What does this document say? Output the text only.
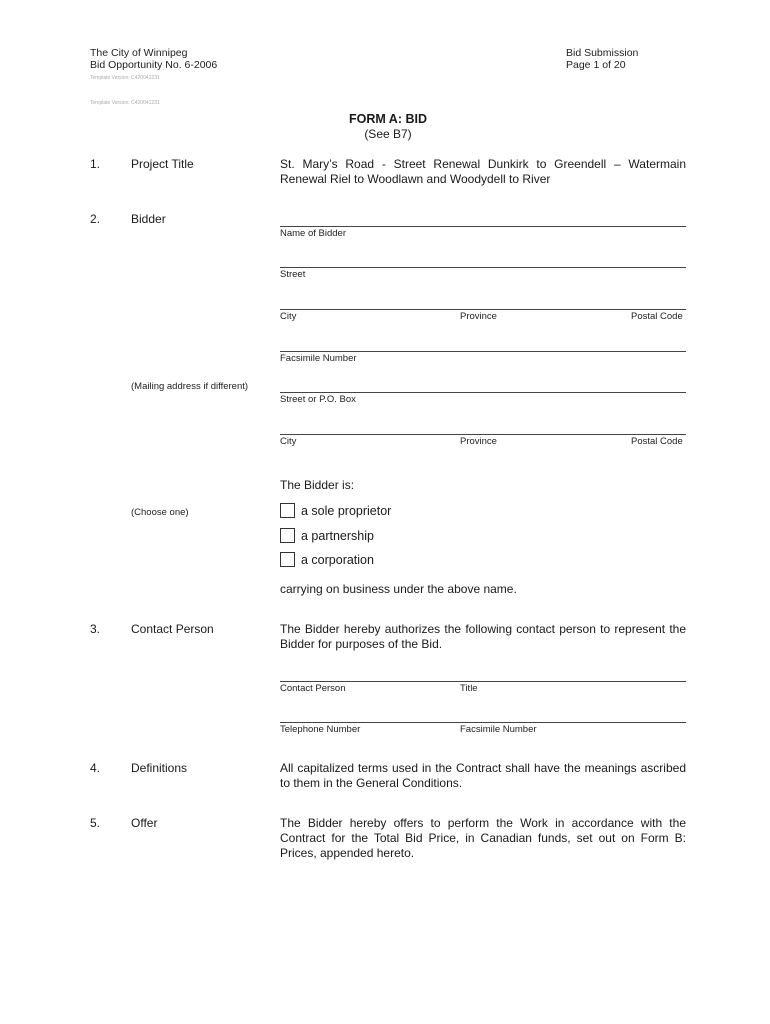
The City of Winnipeg
Bid Opportunity No. 6-2006
Template Version: C420041231
Bid Submission
Page 1 of 20
Template Version: C420041231
FORM A: BID
(See B7)
1.	Project Title	St. Mary’s Road - Street Renewal Dunkirk to Greendell – Watermain Renewal Riel to Woodlawn and Woodydell to River
2.	Bidder
Name of Bidder
Street
City	Province	Postal Code
Facsimile Number
(Mailing address if different)
Street or P.O. Box
City	Province	Postal Code
The Bidder is:
(Choose one)	a sole proprietor
a partnership
a corporation
carrying on business under the above name.
3.	Contact Person	The Bidder hereby authorizes the following contact person to represent the Bidder for purposes of the Bid.
Contact Person	Title
Telephone Number	Facsimile Number
4.	Definitions	All capitalized terms used in the Contract shall have the meanings ascribed to them in the General Conditions.
5.	Offer	The Bidder hereby offers to perform the Work in accordance with the Contract for the Total Bid Price, in Canadian funds, set out on Form B: Prices, appended hereto.
